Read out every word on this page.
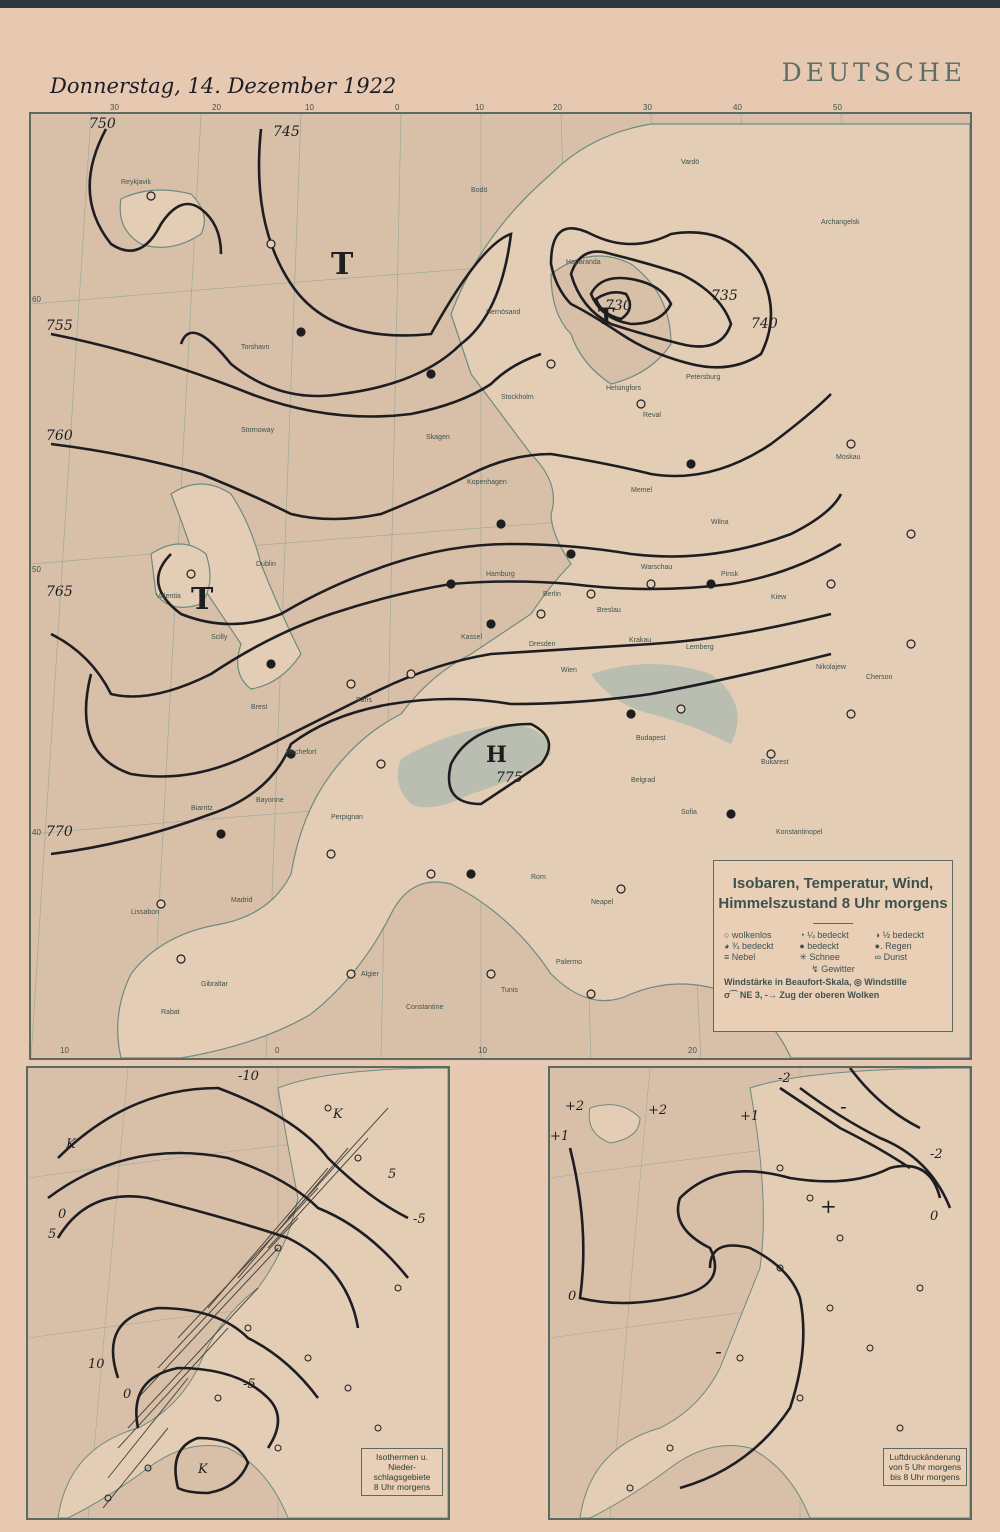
Donnerstag, 14. Dezember 1922	DEUTSCHE
30	20	10	0	10	20	30	40	50
T
T
T
H
730
735
740
745
750
755
760
765
770
775
Bodö
Vardö
Archangelsk
Haparanda
Hernösand
Helsingfors
Reval
Petersburg
Stockholm
Skagen
Kopenhagen
Memel
Wilna
Moskau
Berlin
Breslau
Warschau
Pinsk
Kiew
Lemberg
Krakau
Wien
Budapest
Nikolajew
Cherson
Bukarest
Kassel
Dresden
Hamburg
Dublin
Valentia
Scilly
Paris
Brest
Rochefort
Bayonne
Biarritz
Perpignan
Madrid
Lissabon
Rabat
Gibraltar
Algier
Tunis
Constantine
Rom
Neapel
Palermo
Belgrad
Sofia
Konstantinopel
Torshavn
Reykjavik
Stornoway
60
50
40
10	0	10	20
Isobaren, Temperatur, Wind,
Himmelszustand 8 Uhr morgens
○ wolkenlos	◔ ¼ bedeckt	◑ ½ bedeckt
◕ ¾ bedeckt	● bedeckt	●. Regen
≡ Nebel	✳ Schnee	∞ Dunst
↯ Gewitter
Windstärke in Beaufort-Skala, ◎ Windstille
σ⁀ NE 3, -→ Zug der oberen Wolken
-10
-5
0
5
10
5
0
-5
K
K
K
Isothermen u. Nieder-
schlagsgebiete
8 Uhr morgens
+2	+2	+1
-2
+1
0
-2
0
-
+
-
Luftdruckänderung
von 5 Uhr morgens
bis 8 Uhr morgens
